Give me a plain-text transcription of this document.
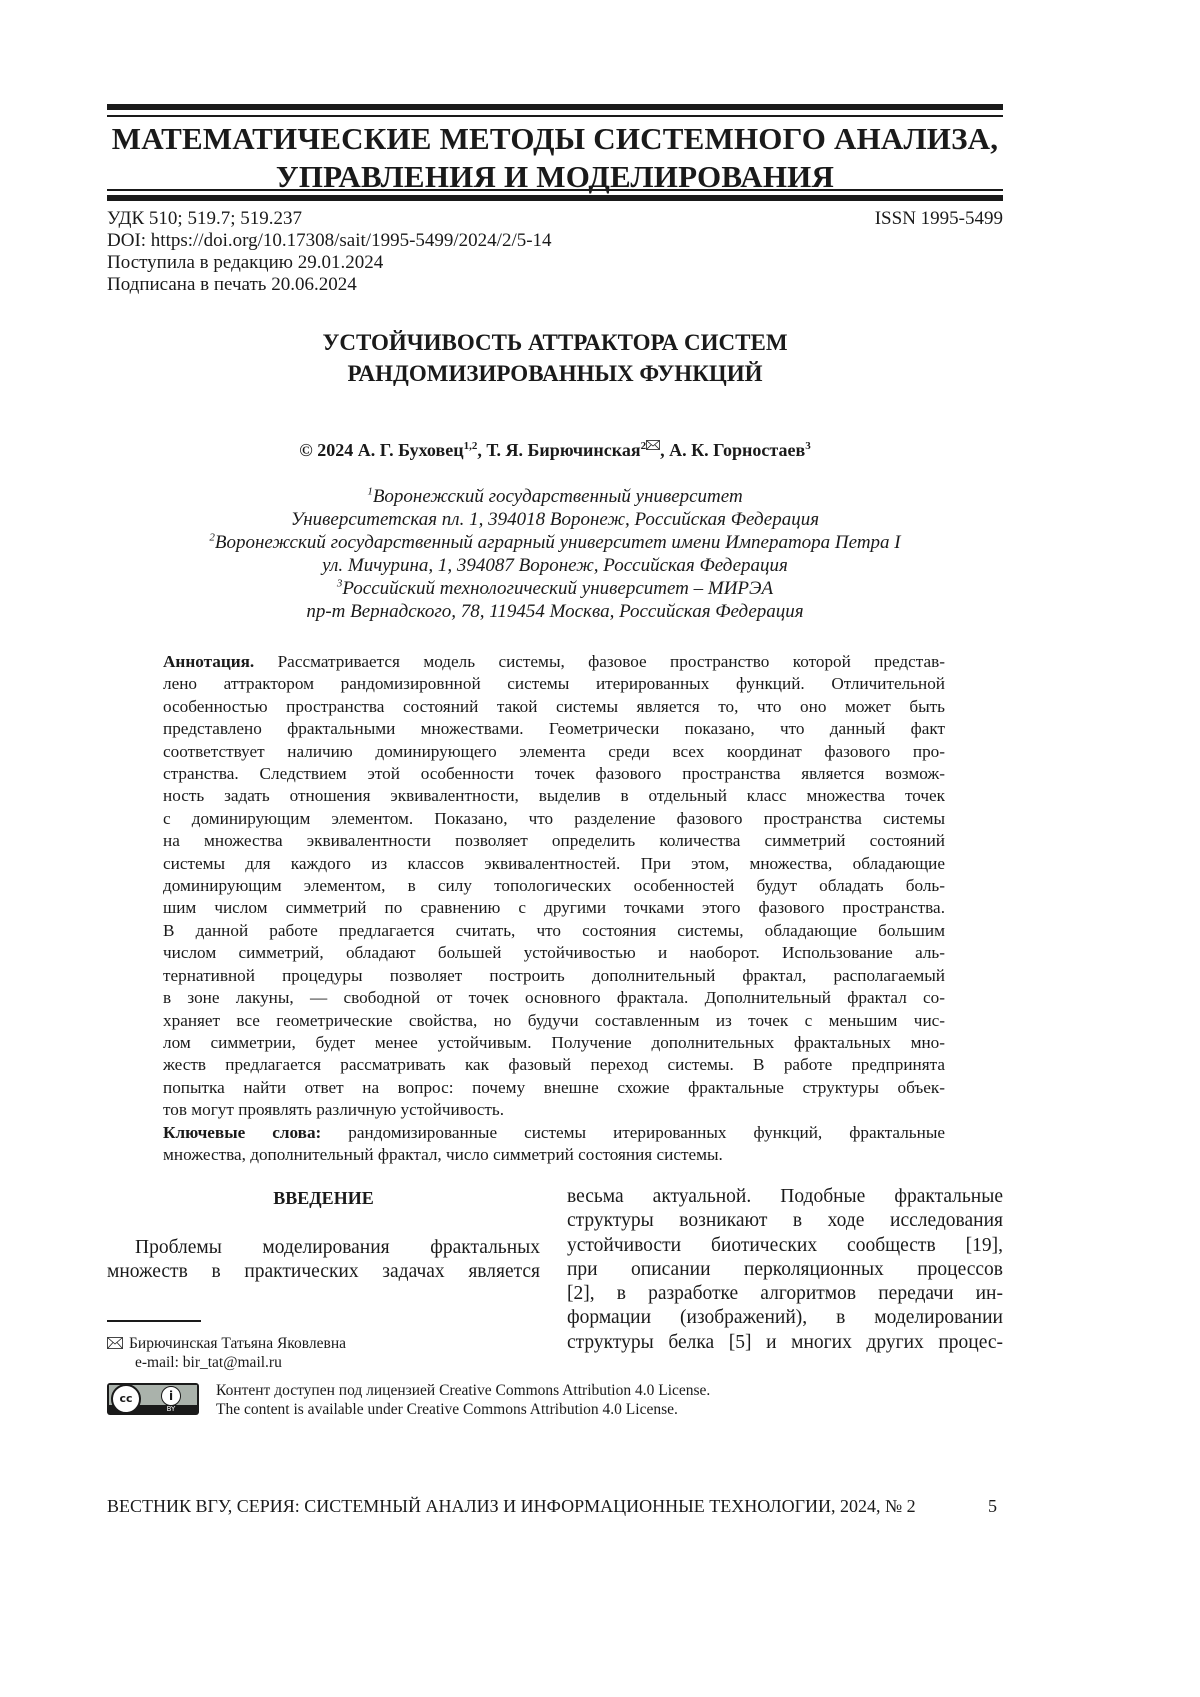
МАТЕМАТИЧЕСКИЕ МЕТОДЫ СИСТЕМНОГО АНАЛИЗА,
УПРАВЛЕНИЯ И МОДЕЛИРОВАНИЯ
УДК 510; 519.7; 519.237
DOI: https://doi.org/10.17308/sait/1995-5499/2024/2/5-14
Поступила в редакцию 29.01.2024
Подписана в печать 20.06.2024
ISSN 1995-5499
УСТОЙЧИВОСТЬ АТТРАКТОРА СИСТЕМ
РАНДОМИЗИРОВАННЫХ ФУНКЦИЙ
© 2024 А. Г. Буховец1,2, Т. Я. Бирючинская2 , А. К. Горностаев3
1Воронежский государственный университет
Университетская пл. 1, 394018 Воронеж, Российская Федерация
2Воронежский государственный аграрный университет имени Императора Петра I
ул. Мичурина, 1, 394087 Воронеж, Российская Федерация
3Российский технологический университет – МИРЭА
пр-т Вернадского, 78, 119454 Москва, Российская Федерация
Аннотация. Рассматривается модель системы, фазовое пространство которой представ-
лено аттрактором рандомизировнной системы итерированных функций. Отличительной
особенностью пространства состояний такой системы является то, что оно может быть
представлено фрактальными множествами. Геометрически показано, что данный факт
соответствует наличию доминирующего элемента среди всех координат фазового про-
странства. Следствием этой особенности точек фазового пространства является возмож-
ность задать отношения эквивалентности, выделив в отдельный класс множества точек
с доминирующим элементом. Показано, что разделение фазового пространства системы
на множества эквивалентности позволяет определить количества симметрий состояний
системы для каждого из классов эквивалентностей. При этом, множества, обладающие
доминирующим элементом, в силу топологических особенностей будут обладать боль-
шим числом симметрий по сравнению с другими точками этого фазового пространства.
В данной работе предлагается считать, что состояния системы, обладающие большим
числом симметрий, обладают большей устойчивостью и наоборот. Использование аль-
тернативной процедуры позволяет построить дополнительный фрактал, располагаемый
в зоне лакуны, — свободной от точек основного фрактала. Дополнительный фрактал со-
храняет все геометрические свойства, но будучи составленным из точек с меньшим чис-
лом симметрии, будет менее устойчивым. Получение дополнительных фрактальных мно-
жеств предлагается рассматривать как фазовый переход системы. В работе предпринята
попытка найти ответ на вопрос: почему внешне схожие фрактальные структуры объек-
тов могут проявлять различную устойчивость.
Ключевые слова: рандомизированные системы итерированных функций, фрактальные
множества, дополнительный фрактал, число симметрий состояния системы.
ВВЕДЕНИЕ
Проблемы моделирования фрактальных
множеств в практических задачах является
весьма актуальной. Подобные фрактальные
структуры возникают в ходе исследования
устойчивости биотических сообществ [19],
при описании перколяционных процессов
[2], в разработке алгоритмов передачи ин-
формации (изображений), в моделировании
структуры белка [5] и многих других процес-
Бирючинская Татьяна Яковлевна
e-mail: bir_tat@mail.ru
cc	i
BY
Контент доступен под лицензией Creative Commons Attribution 4.0 License.
The content is available under Creative Commons Attribution 4.0 License.
ВЕСТНИК ВГУ, СЕРИЯ: СИСТЕМНЫЙ АНАЛИЗ И ИНФОРМАЦИОННЫЕ ТЕХНОЛОГИИ, 2024, № 2	5
